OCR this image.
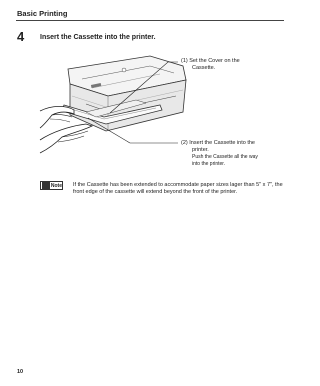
Basic Printing
4 Insert the Cassette into the printer.
(1) Set the Cover on the
Cassette.
(2) Insert the Cassette into the
printer.
Push the Cassette all the way
into the printer.
Note If the Cassette has been extended to accommodate paper sizes lager than 5" x 7", the front edge of the cassette will extend beyond the front of the printer.
10
